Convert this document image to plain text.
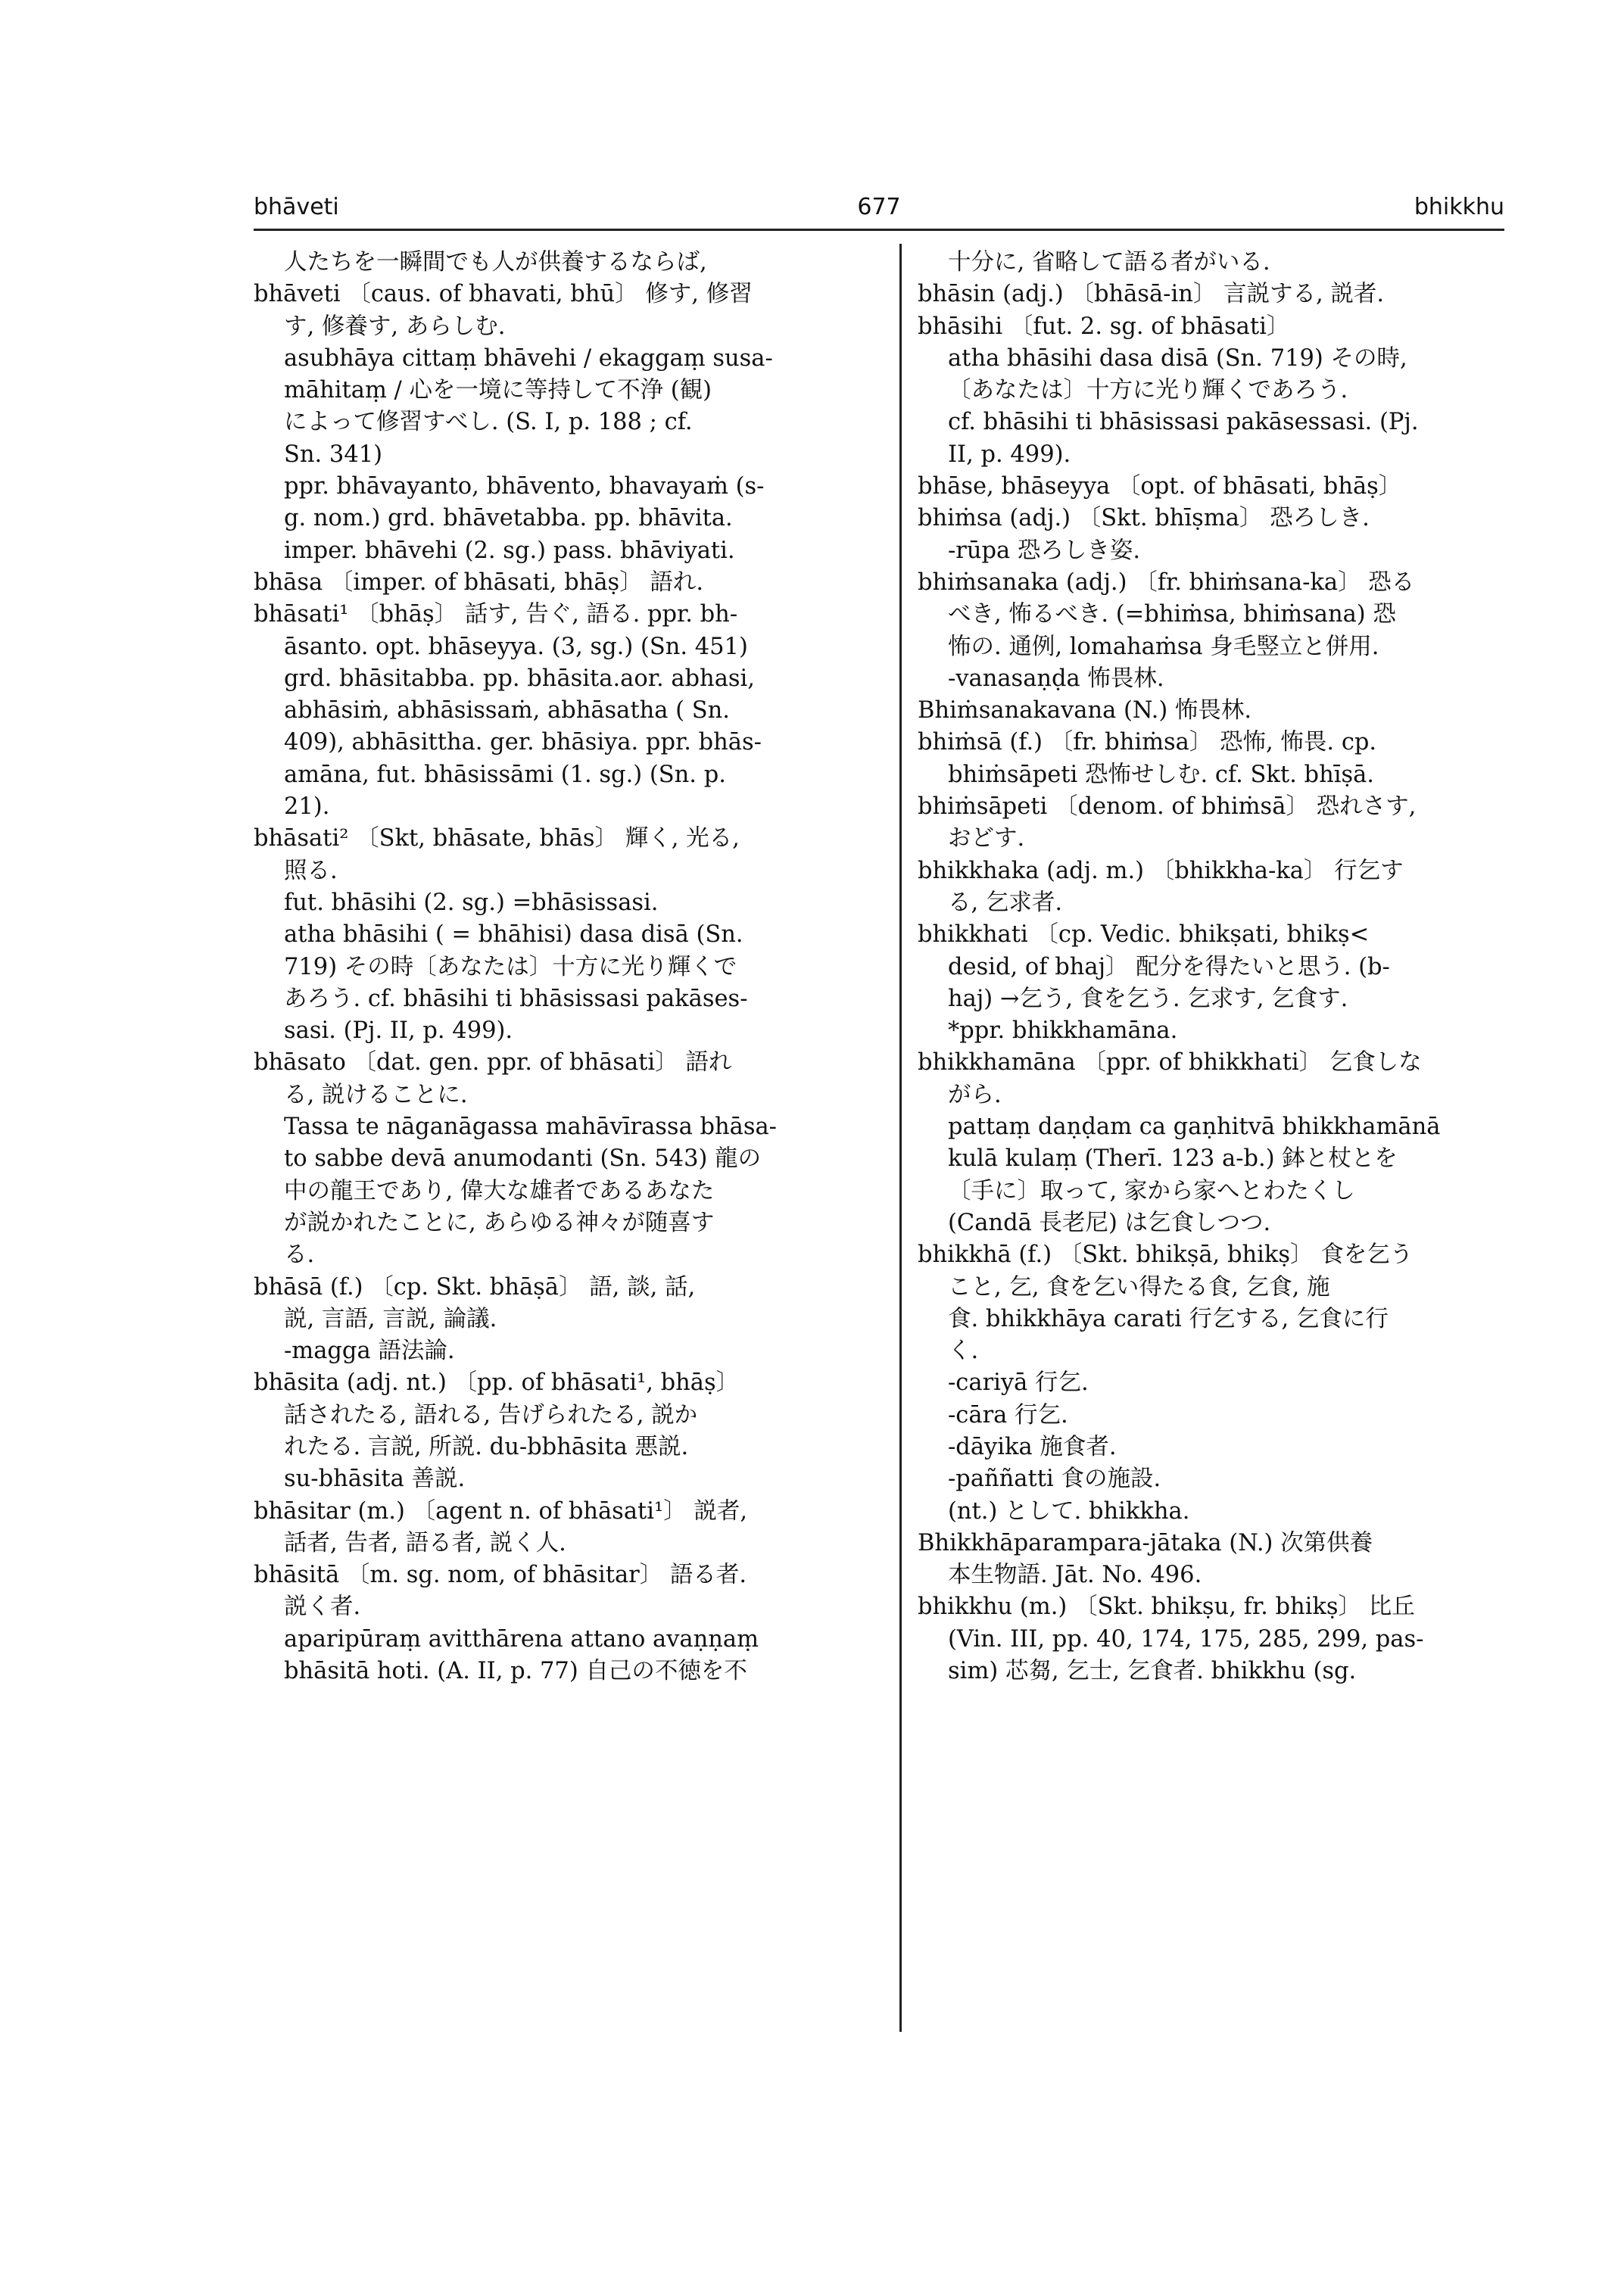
bhāveti	677	bhikkhu
人たちを一瞬間でも人が供養するならば,
bhāveti 〔caus. of bhavati, bhū〕 修す, 修習
す, 修養す, あらしむ.
asubhāya cittaṃ bhāvehi / ekaggaṃ susa-
māhitaṃ / 心を一境に等持して不浄 (観)
によって修習すべし. (S. I, p. 188 ; cf.
Sn. 341)
ppr. bhāvayanto, bhāvento, bhavayaṁ (s-
g. nom.) grd. bhāvetabba. pp. bhāvita.
imper. bhāvehi (2. sg.) pass. bhāviyati.
bhāsa 〔imper. of bhāsati, bhāṣ〕 語れ.
bhāsati¹ 〔bhāṣ〕 話す, 告ぐ, 語る. ppr. bh-
āsanto. opt. bhāseyya. (3, sg.) (Sn. 451)
grd. bhāsitabba. pp. bhāsita.aor. abhasi,
abhāsiṁ, abhāsissaṁ, abhāsatha ( Sn.
409), abhāsittha. ger. bhāsiya. ppr. bhās-
amāna, fut. bhāsissāmi (1. sg.) (Sn. p.
21).
bhāsati² 〔Skt, bhāsate, bhās〕 輝く, 光る,
照る.
fut. bhāsihi (2. sg.) =bhāsissasi.
atha bhāsihi ( = bhāhisi) dasa disā (Sn.
719) その時〔あなたは〕十方に光り輝くで
あろう. cf. bhāsihi ti bhāsissasi pakāses-
sasi. (Pj. II, p. 499).
bhāsato 〔dat. gen. ppr. of bhāsati〕 語れ
る, 説けることに.
Tassa te nāganāgassa mahāvīrassa bhāsa-
to sabbe devā anumodanti (Sn. 543) 龍の
中の龍王であり, 偉大な雄者であるあなた
が説かれたことに, あらゆる神々が随喜す
る.
bhāsā (f.) 〔cp. Skt. bhāṣā〕 語, 談, 話,
説, 言語, 言説, 論議.
-magga 語法論.
bhāsita (adj. nt.) 〔pp. of bhāsati¹, bhāṣ〕
話されたる, 語れる, 告げられたる, 説か
れたる. 言説, 所説. du-bbhāsita 悪説.
su-bhāsita 善説.
bhāsitar (m.) 〔agent n. of bhāsati¹〕 説者,
話者, 告者, 語る者, 説く人.
bhāsitā 〔m. sg. nom, of bhāsitar〕 語る者.
説く者.
aparipūraṃ avitthārena attano avaṇṇaṃ
bhāsitā hoti. (A. II, p. 77) 自己の不徳を不
十分に, 省略して語る者がいる.
bhāsin (adj.) 〔bhāsā-in〕 言説する, 説者.
bhāsihi 〔fut. 2. sg. of bhāsati〕
atha bhāsihi dasa disā (Sn. 719) その時,
〔あなたは〕十方に光り輝くであろう.
cf. bhāsihi ti bhāsissasi pakāsessasi. (Pj.
II, p. 499).
bhāse, bhāseyya 〔opt. of bhāsati, bhāṣ〕
bhiṁsa (adj.) 〔Skt. bhīṣma〕 恐ろしき.
-rūpa 恐ろしき姿.
bhiṁsanaka (adj.) 〔fr. bhiṁsana-ka〕 恐る
べき, 怖るべき. (=bhiṁsa, bhiṁsana) 恐
怖の. 通例, lomahaṁsa 身毛竪立と併用.
-vanasaṇḍa 怖畏林.
Bhiṁsanakavana (N.) 怖畏林.
bhiṁsā (f.) 〔fr. bhiṁsa〕 恐怖, 怖畏. cp.
bhiṁsāpeti 恐怖せしむ. cf. Skt. bhīṣā.
bhiṁsāpeti 〔denom. of bhiṁsā〕 恐れさす,
おどす.
bhikkhaka (adj. m.) 〔bhikkha-ka〕 行乞す
る, 乞求者.
bhikkhati 〔cp. Vedic. bhikṣati, bhikṣ<
desid, of bhaj〕 配分を得たいと思う. (b-
haj) →乞う, 食を乞う. 乞求す, 乞食す.
*ppr. bhikkhamāna.
bhikkhamāna 〔ppr. of bhikkhati〕 乞食しな
がら.
pattaṃ daṇḍam ca gaṇhitvā bhikkhamānā
kulā kulaṃ (Therī. 123 a-b.) 鉢と杖とを
〔手に〕取って, 家から家へとわたくし
(Candā 長老尼) は乞食しつつ.
bhikkhā (f.) 〔Skt. bhikṣā, bhikṣ〕 食を乞う
こと, 乞, 食を乞い得たる食, 乞食, 施
食. bhikkhāya carati 行乞する, 乞食に行
く.
-cariyā 行乞.
-cāra 行乞.
-dāyika 施食者.
-paññatti 食の施設.
(nt.) として. bhikkha.
Bhikkhāparampara-jātaka (N.) 次第供養
本生物語. Jāt. No. 496.
bhikkhu (m.) 〔Skt. bhikṣu, fr. bhikṣ〕 比丘
(Vin. III, pp. 40, 174, 175, 285, 299, pas-
sim) 芯芻, 乞士, 乞食者. bhikkhu (sg.
